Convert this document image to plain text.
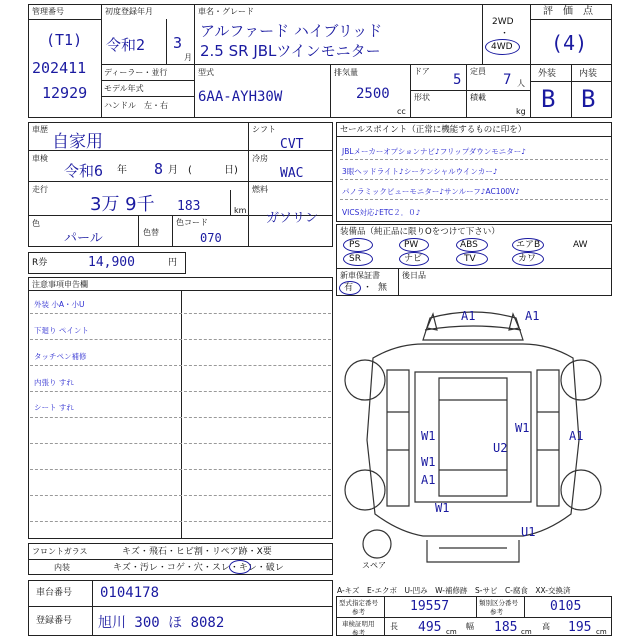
管理番号
(T1)
202411
12929
初度登録年月
令和2 3
月
車名・グレード
アルファード ハイブリッド
2.5 SR JBLツインモニター
2WD
・
4WD
評　価　点
(4)
外装	内装
B B
ディーラー・並行
モデル年式
ハンドル　左・右
型式
6AA-AYH30W
排気量
2500
cc
ドア
5
定員
7 人
形状	積載
kg
車歴
自家用
車検
令和6 年 8 月 (	日)
走行
3万 9千 183	km
色
パール	色替
色コード
070
シフト
CVT
冷房
WAC
燃料
ガソリン
セールスポイント（正常に機能するものに印を）
JBLメーカーオプションナビ♪フリップダウンモニター♪
3眼ヘッドライト♪シーケンシャルウインカー♪
パノラミックビューモニター♪サンルーフ♪AC100V♪
VICS対応♪ETC２．０♪
装備品（純正品に限りOをつけて下さい）
PS	PW	ABS	エアB	AW
SR	ナビ	TV	カワ
新車保証書
有 ・ 無
後日品
R券	14,900	円
注意事項申告欄
外装 小A・小U
下廻り ペイント
タッチペン補修
内張り すれ
シート すれ
A1	A1
W1
W1
U2
A1
W1
A1
W1
U1
スペア
A-キズ　E-エクボ　U-凹み　W-補修跡　S-サビ　C-腐食　XX-交換済
フロントガラス	キズ・飛石・ヒビ割・リペア跡・X要
内装	キズ・汚レ・コゲ・穴・スレ・キレ・破レ
車台番号 0104178
登録番号 旭川 300 ほ 8082
型式指定番号
参考	19557	類別区分番号
参考	0105
車検証明用
参考
長 495 cm
幅 185 cm
高 195 cm
